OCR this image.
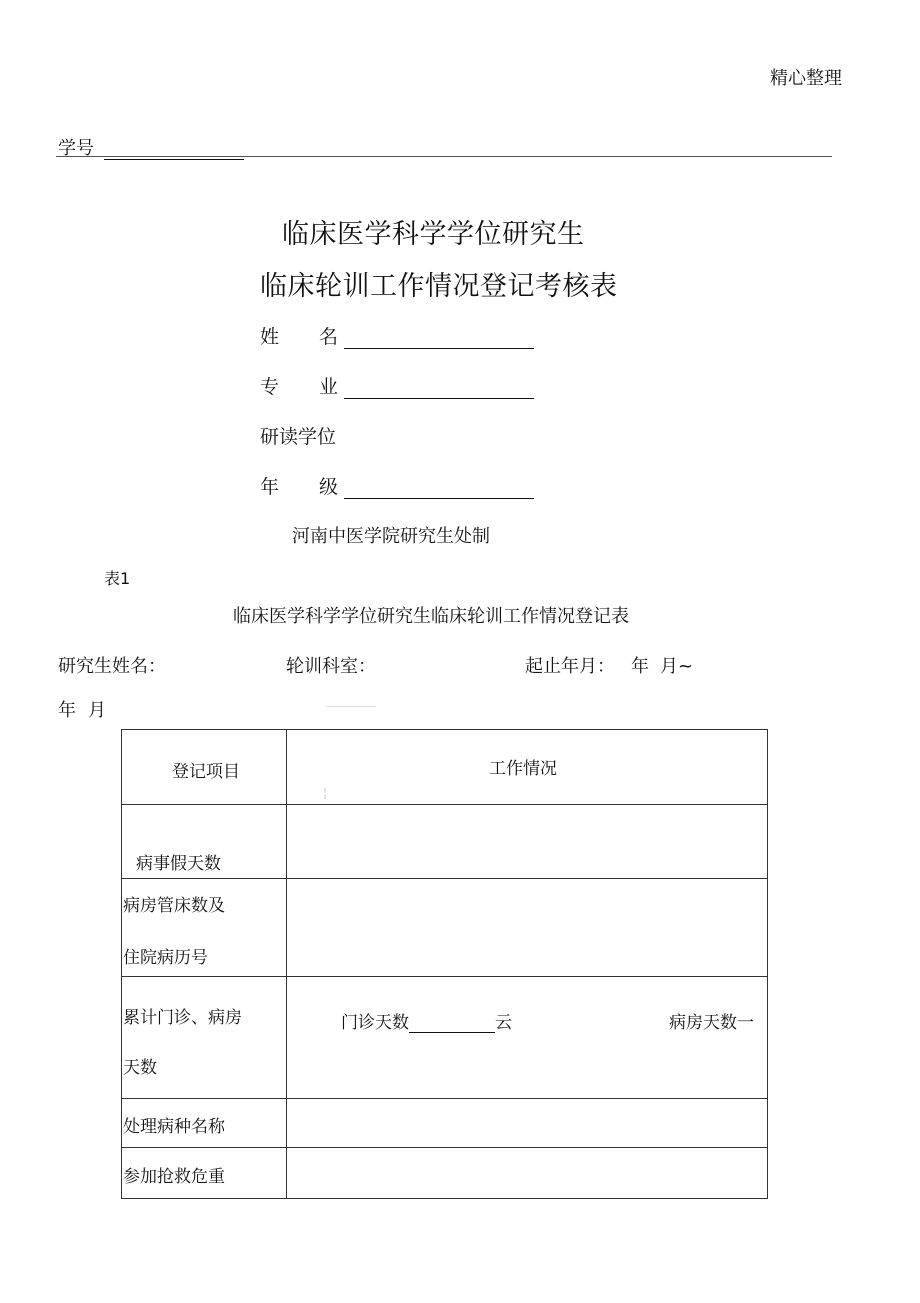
精心整理
学号
临床医学科学学位研究生
临床轮训工作情况登记考核表
姓 名
专 业
研读学位
年 级
河南中医学院研究生处制
表1
临床医学科学学位研究生临床轮训工作情况登记表
研究生姓名：	轮训科室：	起止年月： 年 月~
年 月
登记项目	工作情况
¦

病事假天数	

病房管床数及
住院病历号	

累计门诊、病房
天数	门诊天数 云 病房天数一

处理病种名称	

参加抢救危重	
